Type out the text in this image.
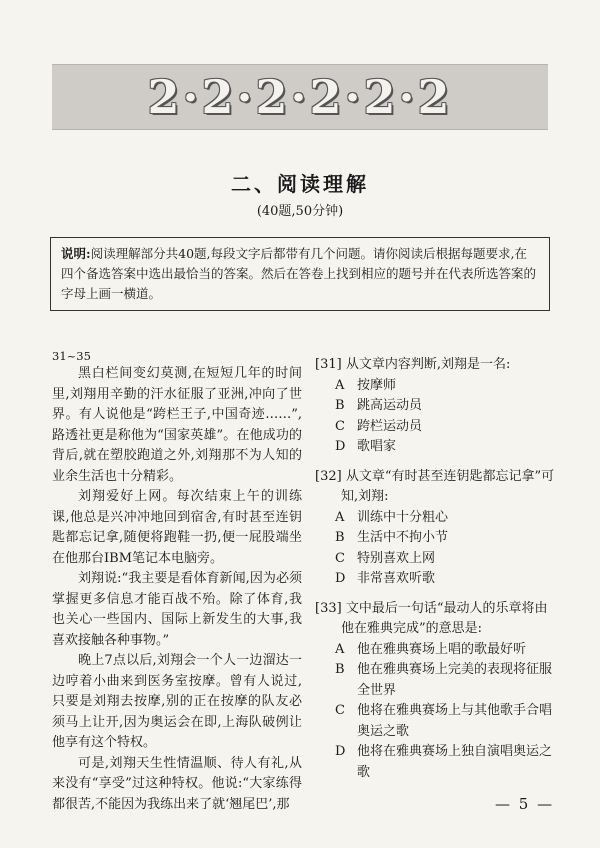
2·2·2·2·2·2
二、阅读理解
(40题,50分钟)
说明:阅读理解部分共40题,每段文字后都带有几个问题。请你阅读后根据每题要求,在四个备选答案中选出最恰当的答案。然后在答卷上找到相应的题号并在代表所选答案的字母上画一横道。
31~35

黑白栏间变幻莫测,在短短几年的时间里,刘翔用辛勤的汗水征服了亚洲,冲向了世界。有人说他是“跨栏王子,中国奇迹……”,路透社更是称他为“国家英雄”。在他成功的背后,就在塑胶跑道之外,刘翔那不为人知的业余生活也十分精彩。

刘翔爱好上网。每次结束上午的训练课,他总是兴冲冲地回到宿舍,有时甚至连钥匙都忘记拿,随便将跑鞋一扔,便一屁股端坐在他那台IBM笔记本电脑旁。

刘翔说:“我主要是看体育新闻,因为必须掌握更多信息才能百战不殆。除了体育,我也关心一些国内、国际上新发生的大事,我喜欢接触各种事物。”

晚上7点以后,刘翔会一个人一边溜达一边哼着小曲来到医务室按摩。曾有人说过,只要是刘翔去按摩,别的正在按摩的队友必须马上让开,因为奥运会在即,上海队破例让他享有这个特权。

可是,刘翔天生性情温顺、待人有礼,从来没有“享受”过这种特权。他说:“大家练得都很苦,不能因为我练出来了就‘翘尾巴’,那

[31] 从文章内容判断,刘翔是一名:
A 按摩师
B 跳高运动员
C 跨栏运动员
D 歌唱家
[32] 从文章“有时甚至连钥匙都忘记拿”可知,刘翔:
A 训练中十分粗心
B 生活中不拘小节
C 特别喜欢上网
D 非常喜欢听歌
[33] 文中最后一句话“最动人的乐章将由他在雅典完成”的意思是:
A 他在雅典赛场上唱的歌最好听
B 他在雅典赛场上完美的表现将征服全世界
C 他将在雅典赛场上与其他歌手合唱奥运之歌
D 他将在雅典赛场上独自演唱奥运之歌
— 5 —
